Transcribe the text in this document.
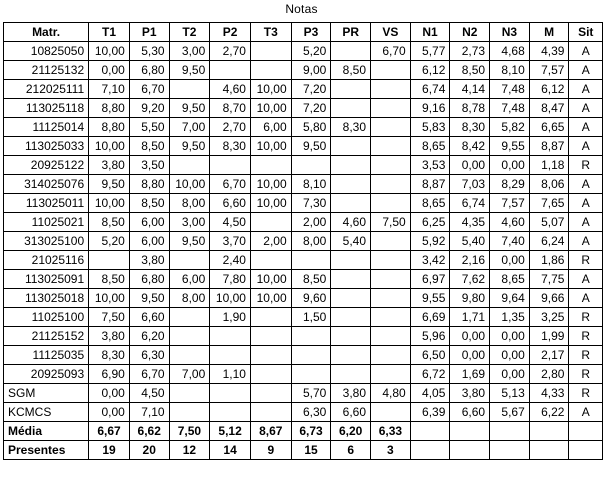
Notas
Matr.	T1	P1	T2	P2	T3	P3	PR	VS	N1	N2	N3	M	Sit
10825050	10,00	5,30	3,00	2,70		5,20		6,70	5,77	2,73	4,68	4,39	A
21125132	0,00	6,80	9,50			9,00	8,50		6,12	8,50	8,10	7,57	A
212025111	7,10	6,70		4,60	10,00	7,20			6,74	4,14	7,48	6,12	A
113025118	8,80	9,20	9,50	8,70	10,00	7,20			9,16	8,78	7,48	8,47	A
11125014	8,80	5,50	7,00	2,70	6,00	5,80	8,30		5,83	8,30	5,82	6,65	A
113025033	10,00	8,50	9,50	8,30	10,00	9,50			8,65	8,42	9,55	8,87	A
20925122	3,80	3,50							3,53	0,00	0,00	1,18	R
314025076	9,50	8,80	10,00	6,70	10,00	8,10			8,87	7,03	8,29	8,06	A
113025011	10,00	8,50	8,00	6,60	10,00	7,30			8,65	6,74	7,57	7,65	A
11025021	8,50	6,00	3,00	4,50		2,00	4,60	7,50	6,25	4,35	4,60	5,07	A
313025100	5,20	6,00	9,50	3,70	2,00	8,00	5,40		5,92	5,40	7,40	6,24	A
21025116		3,80		2,40					3,42	2,16	0,00	1,86	R
113025091	8,50	6,80	6,00	7,80	10,00	8,50			6,97	7,62	8,65	7,75	A
113025018	10,00	9,50	8,00	10,00	10,00	9,60			9,55	9,80	9,64	9,66	A
11025100	7,50	6,60		1,90		1,50			6,69	1,71	1,35	3,25	R
21125152	3,80	6,20							5,96	0,00	0,00	1,99	R
11125035	8,30	6,30							6,50	0,00	0,00	2,17	R
20925093	6,90	6,70	7,00	1,10					6,72	1,69	0,00	2,80	R
SGM	0,00	4,50				5,70	3,80	4,80	4,05	3,80	5,13	4,33	R
KCMCS	0,00	7,10				6,30	6,60		6,39	6,60	5,67	6,22	A
Média	6,67	6,62	7,50	5,12	8,67	6,73	6,20	6,33					
Presentes	19	20	12	14	9	15	6	3					
